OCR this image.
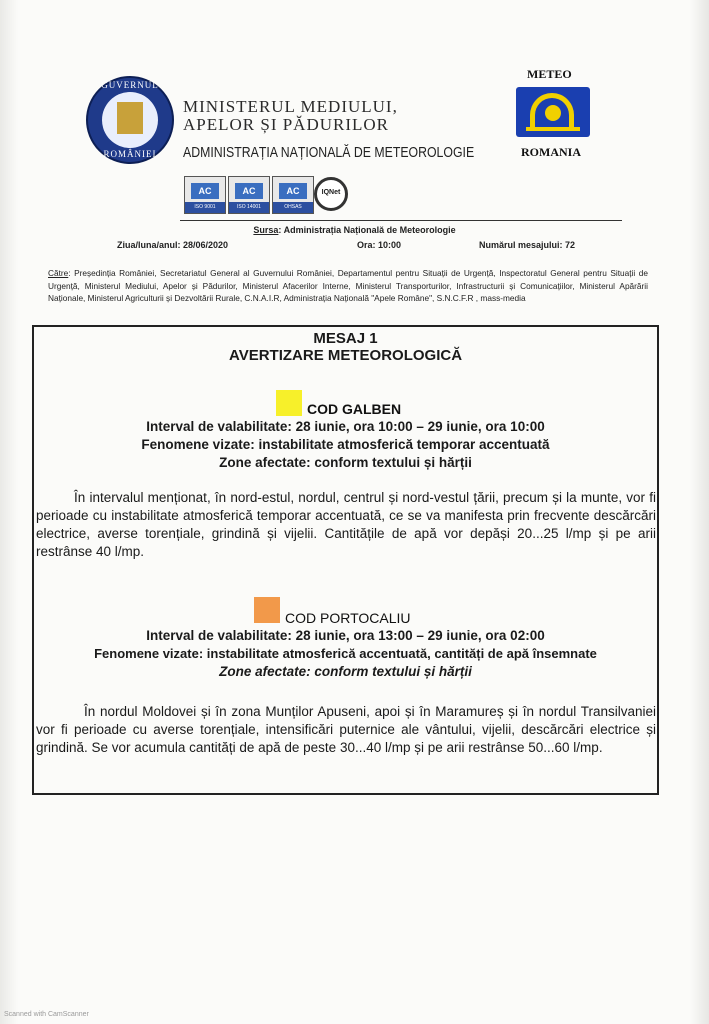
GUVERNUL
ROMÂNIEI
MINISTERUL MEDIULUI,
APELOR ȘI PĂDURILOR
ADMINISTRAȚIA NAȚIONALĂ DE METEOROLOGIE
METEO
ROMANIA
AC
ISO 9001
AC
ISO 14001
AC
OHSAS
IQNet
Sursa: Administrația Națională de Meteorologie
Ziua/luna/anul: 28/06/2020	Ora: 10:00	Numărul mesajului: 72
Către: Președinția României, Secretariatul General al Guvernului României, Departamentul pentru Situații de Urgență, Inspectoratul General pentru Situații de Urgență, Ministerul Mediului, Apelor și Pădurilor, Ministerul Afacerilor Interne, Ministerul Transporturilor, Infrastructurii și Comunicațiilor, Ministerul Apărării Naționale, Ministerul Agriculturii și Dezvoltării Rurale, C.N.A.I.R, Administrația Națională "Apele Române", S.N.C.F.R , mass-media
MESAJ 1
AVERTIZARE METEOROLOGICĂ
COD GALBEN
Interval de valabilitate: 28 iunie, ora 10:00 – 29 iunie, ora 10:00
Fenomene vizate: instabilitate atmosferică temporar accentuată
Zone afectate: conform textului și hărții
În intervalul menționat, în nord-estul, nordul, centrul și nord-vestul țării, precum și la munte, vor fi perioade cu instabilitate atmosferică temporar accentuată, ce se va manifesta prin frecvente descărcări electrice, averse torențiale, grindină și vijelii. Cantitățile de apă vor depăși 20...25 l/mp și pe arii restrânse 40 l/mp.
COD PORTOCALIU
Interval de valabilitate: 28 iunie, ora 13:00 – 29 iunie, ora 02:00
Fenomene vizate: instabilitate atmosferică accentuată, cantități de apă însemnate
Zone afectate: conform textului și hărții
În nordul Moldovei și în zona Munților Apuseni, apoi și în Maramureș și în nordul Transilvaniei vor fi perioade cu averse torențiale, intensificări puternice ale vântului, vijelii, descărcări electrice și grindină. Se vor acumula cantități de apă de peste 30...40 l/mp și pe arii restrânse 50...60 l/mp.
Scanned with CamScanner
